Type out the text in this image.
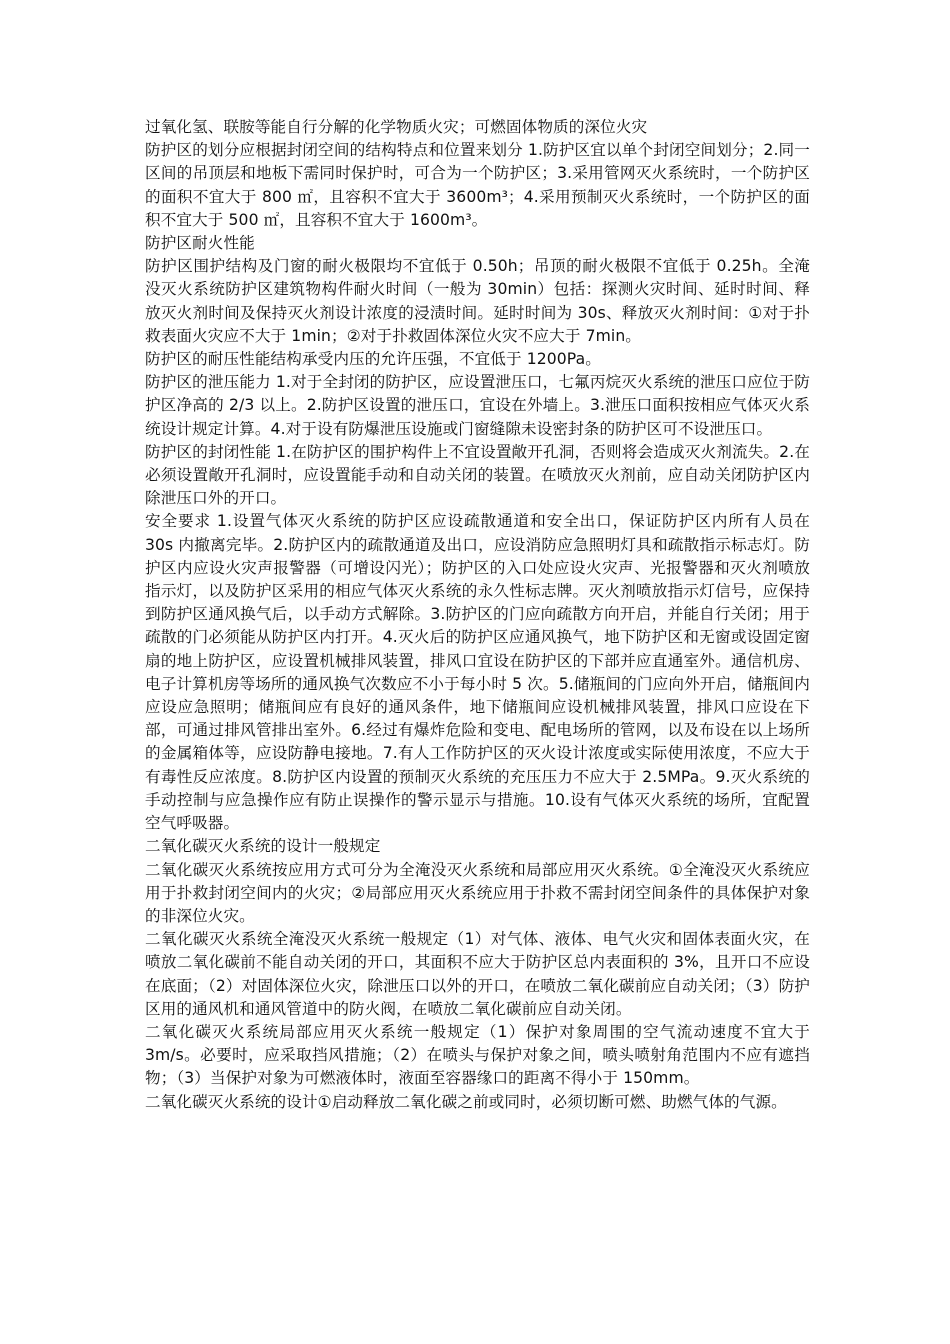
过氧化氢、联胺等能自行分解的化学物质火灾；可燃固体物质的深位火灾

防护区的划分应根据封闭空间的结构特点和位置来划分 1.防护区宜以单个封闭空间划分；2.同一区间的吊顶层和地板下需同时保护时，可合为一个防护区；3.采用管网灭火系统时，一个防护区的面积不宜大于 800 ㎡，且容积不宜大于 3600m³；4.采用预制灭火系统时，一个防护区的面积不宜大于 500 ㎡，且容积不宜大于 1600m³。

防护区耐火性能

防护区围护结构及门窗的耐火极限均不宜低于 0.50h；吊顶的耐火极限不宜低于 0.25h。全淹没灭火系统防护区建筑物构件耐火时间（一般为 30min）包括：探测火灾时间、延时时间、释放灭火剂时间及保持灭火剂设计浓度的浸渍时间。延时时间为 30s、释放灭火剂时间：①对于扑救表面火灾应不大于 1min；②对于扑救固体深位火灾不应大于 7min。

防护区的耐压性能结构承受内压的允许压强，不宜低于 1200Pa。

防护区的泄压能力 1.对于全封闭的防护区，应设置泄压口，七氟丙烷灭火系统的泄压口应位于防护区净高的 2/3 以上。2.防护区设置的泄压口，宜设在外墙上。3.泄压口面积按相应气体灭火系统设计规定计算。4.对于设有防爆泄压设施或门窗缝隙未设密封条的防护区可不设泄压口。

防护区的封闭性能 1.在防护区的围护构件上不宜设置敞开孔洞，否则将会造成灭火剂流失。2.在必须设置敞开孔洞时，应设置能手动和自动关闭的装置。在喷放灭火剂前，应自动关闭防护区内除泄压口外的开口。

安全要求 1.设置气体灭火系统的防护区应设疏散通道和安全出口，保证防护区内所有人员在 30s 内撤离完毕。2.防护区内的疏散通道及出口，应设消防应急照明灯具和疏散指示标志灯。防护区内应设火灾声报警器（可增设闪光）；防护区的入口处应设火灾声、光报警器和灭火剂喷放指示灯，以及防护区采用的相应气体灭火系统的永久性标志牌。灭火剂喷放指示灯信号，应保持到防护区通风换气后，以手动方式解除。3.防护区的门应向疏散方向开启，并能自行关闭；用于疏散的门必须能从防护区内打开。4.灭火后的防护区应通风换气，地下防护区和无窗或设固定窗扇的地上防护区，应设置机械排风装置，排风口宜设在防护区的下部并应直通室外。通信机房、电子计算机房等场所的通风换气次数应不小于每小时 5 次。5.储瓶间的门应向外开启，储瓶间内应设应急照明；储瓶间应有良好的通风条件，地下储瓶间应设机械排风装置，排风口应设在下部，可通过排风管排出室外。6.经过有爆炸危险和变电、配电场所的管网，以及布设在以上场所的金属箱体等，应设防静电接地。7.有人工作防护区的灭火设计浓度或实际使用浓度，不应大于有毒性反应浓度。8.防护区内设置的预制灭火系统的充压压力不应大于 2.5MPa。9.灭火系统的手动控制与应急操作应有防止误操作的警示显示与措施。10.设有气体灭火系统的场所，宜配置空气呼吸器。

二氧化碳灭火系统的设计一般规定

二氧化碳灭火系统按应用方式可分为全淹没灭火系统和局部应用灭火系统。①全淹没灭火系统应用于扑救封闭空间内的火灾；②局部应用灭火系统应用于扑救不需封闭空间条件的具体保护对象的非深位火灾。

二氧化碳灭火系统全淹没灭火系统一般规定（1）对气体、液体、电气火灾和固体表面火灾，在喷放二氧化碳前不能自动关闭的开口，其面积不应大于防护区总内表面积的 3%，且开口不应设在底面；（2）对固体深位火灾，除泄压口以外的开口，在喷放二氧化碳前应自动关闭；（3）防护区用的通风机和通风管道中的防火阀，在喷放二氧化碳前应自动关闭。

二氧化碳灭火系统局部应用灭火系统一般规定（1）保护对象周围的空气流动速度不宜大于 3m/s。必要时，应采取挡风措施；（2）在喷头与保护对象之间，喷头喷射角范围内不应有遮挡物；（3）当保护对象为可燃液体时，液面至容器缘口的距离不得小于 150mm。

二氧化碳灭火系统的设计①启动释放二氧化碳之前或同时，必须切断可燃、助燃气体的气源。
